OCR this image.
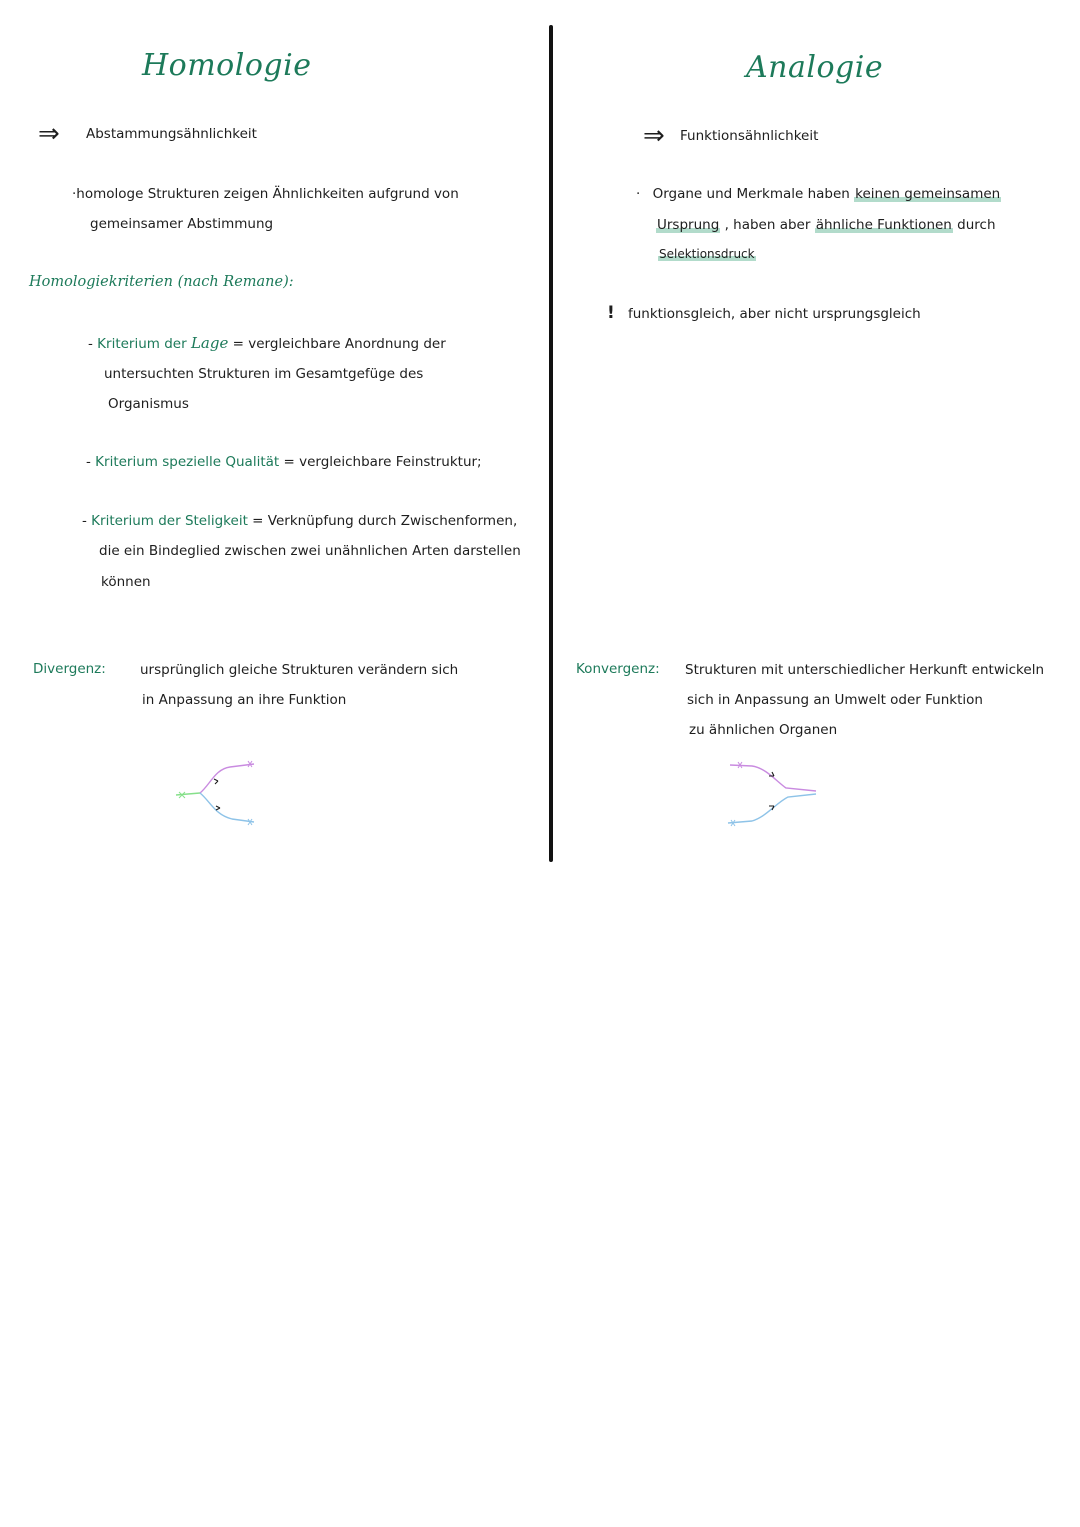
Homologie
⇒ Abstammungsähnlichkeit
·homologe Strukturen zeigen Ähnlichkeiten aufgrund von
gemeinsamer Abstimmung
Homologiekriterien (nach Remane):
- Kriterium der Lage = vergleichbare Anordnung der
untersuchten Strukturen im Gesamtgefüge des
Organismus
- Kriterium spezielle Qualität = vergleichbare Feinstruktur;
- Kriterium der Steligkeit = Verknüpfung durch Zwischenformen,
die ein Bindeglied zwischen zwei unähnlichen Arten darstellen
können
Divergenz:	ursprünglich gleiche Strukturen verändern sich
in Anpassung an ihre Funktion
Analogie
⇒ Funktionsähnlichkeit
· Organe und Merkmale haben keinen gemeinsamen
Ursprung , haben aber ähnliche Funktionen durch
Selektionsdruck
! funktionsgleich, aber nicht ursprungsgleich
Konvergenz: Strukturen mit unterschiedlicher Herkunft entwickeln
sich in Anpassung an Umwelt oder Funktion
zu ähnlichen Organen
